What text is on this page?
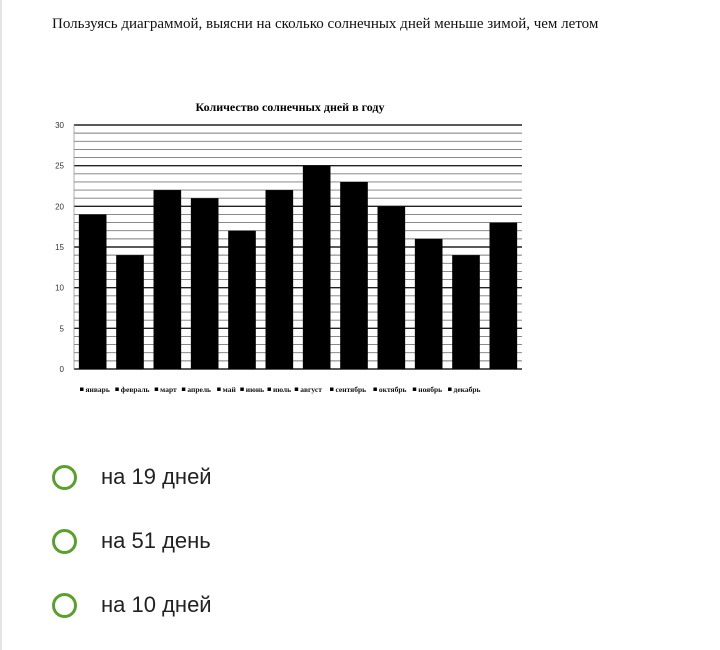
Пользуясь диаграммой, выясни на сколько солнечных дней меньше зимой, чем летом
Количество солнечных дней в году
0
5
10
15
20
25
30
январь февраль март апрель май июнь июль август сентябрь октябрь ноябрь декабрь
на 19 дней
на 51 день
на 10 дней
